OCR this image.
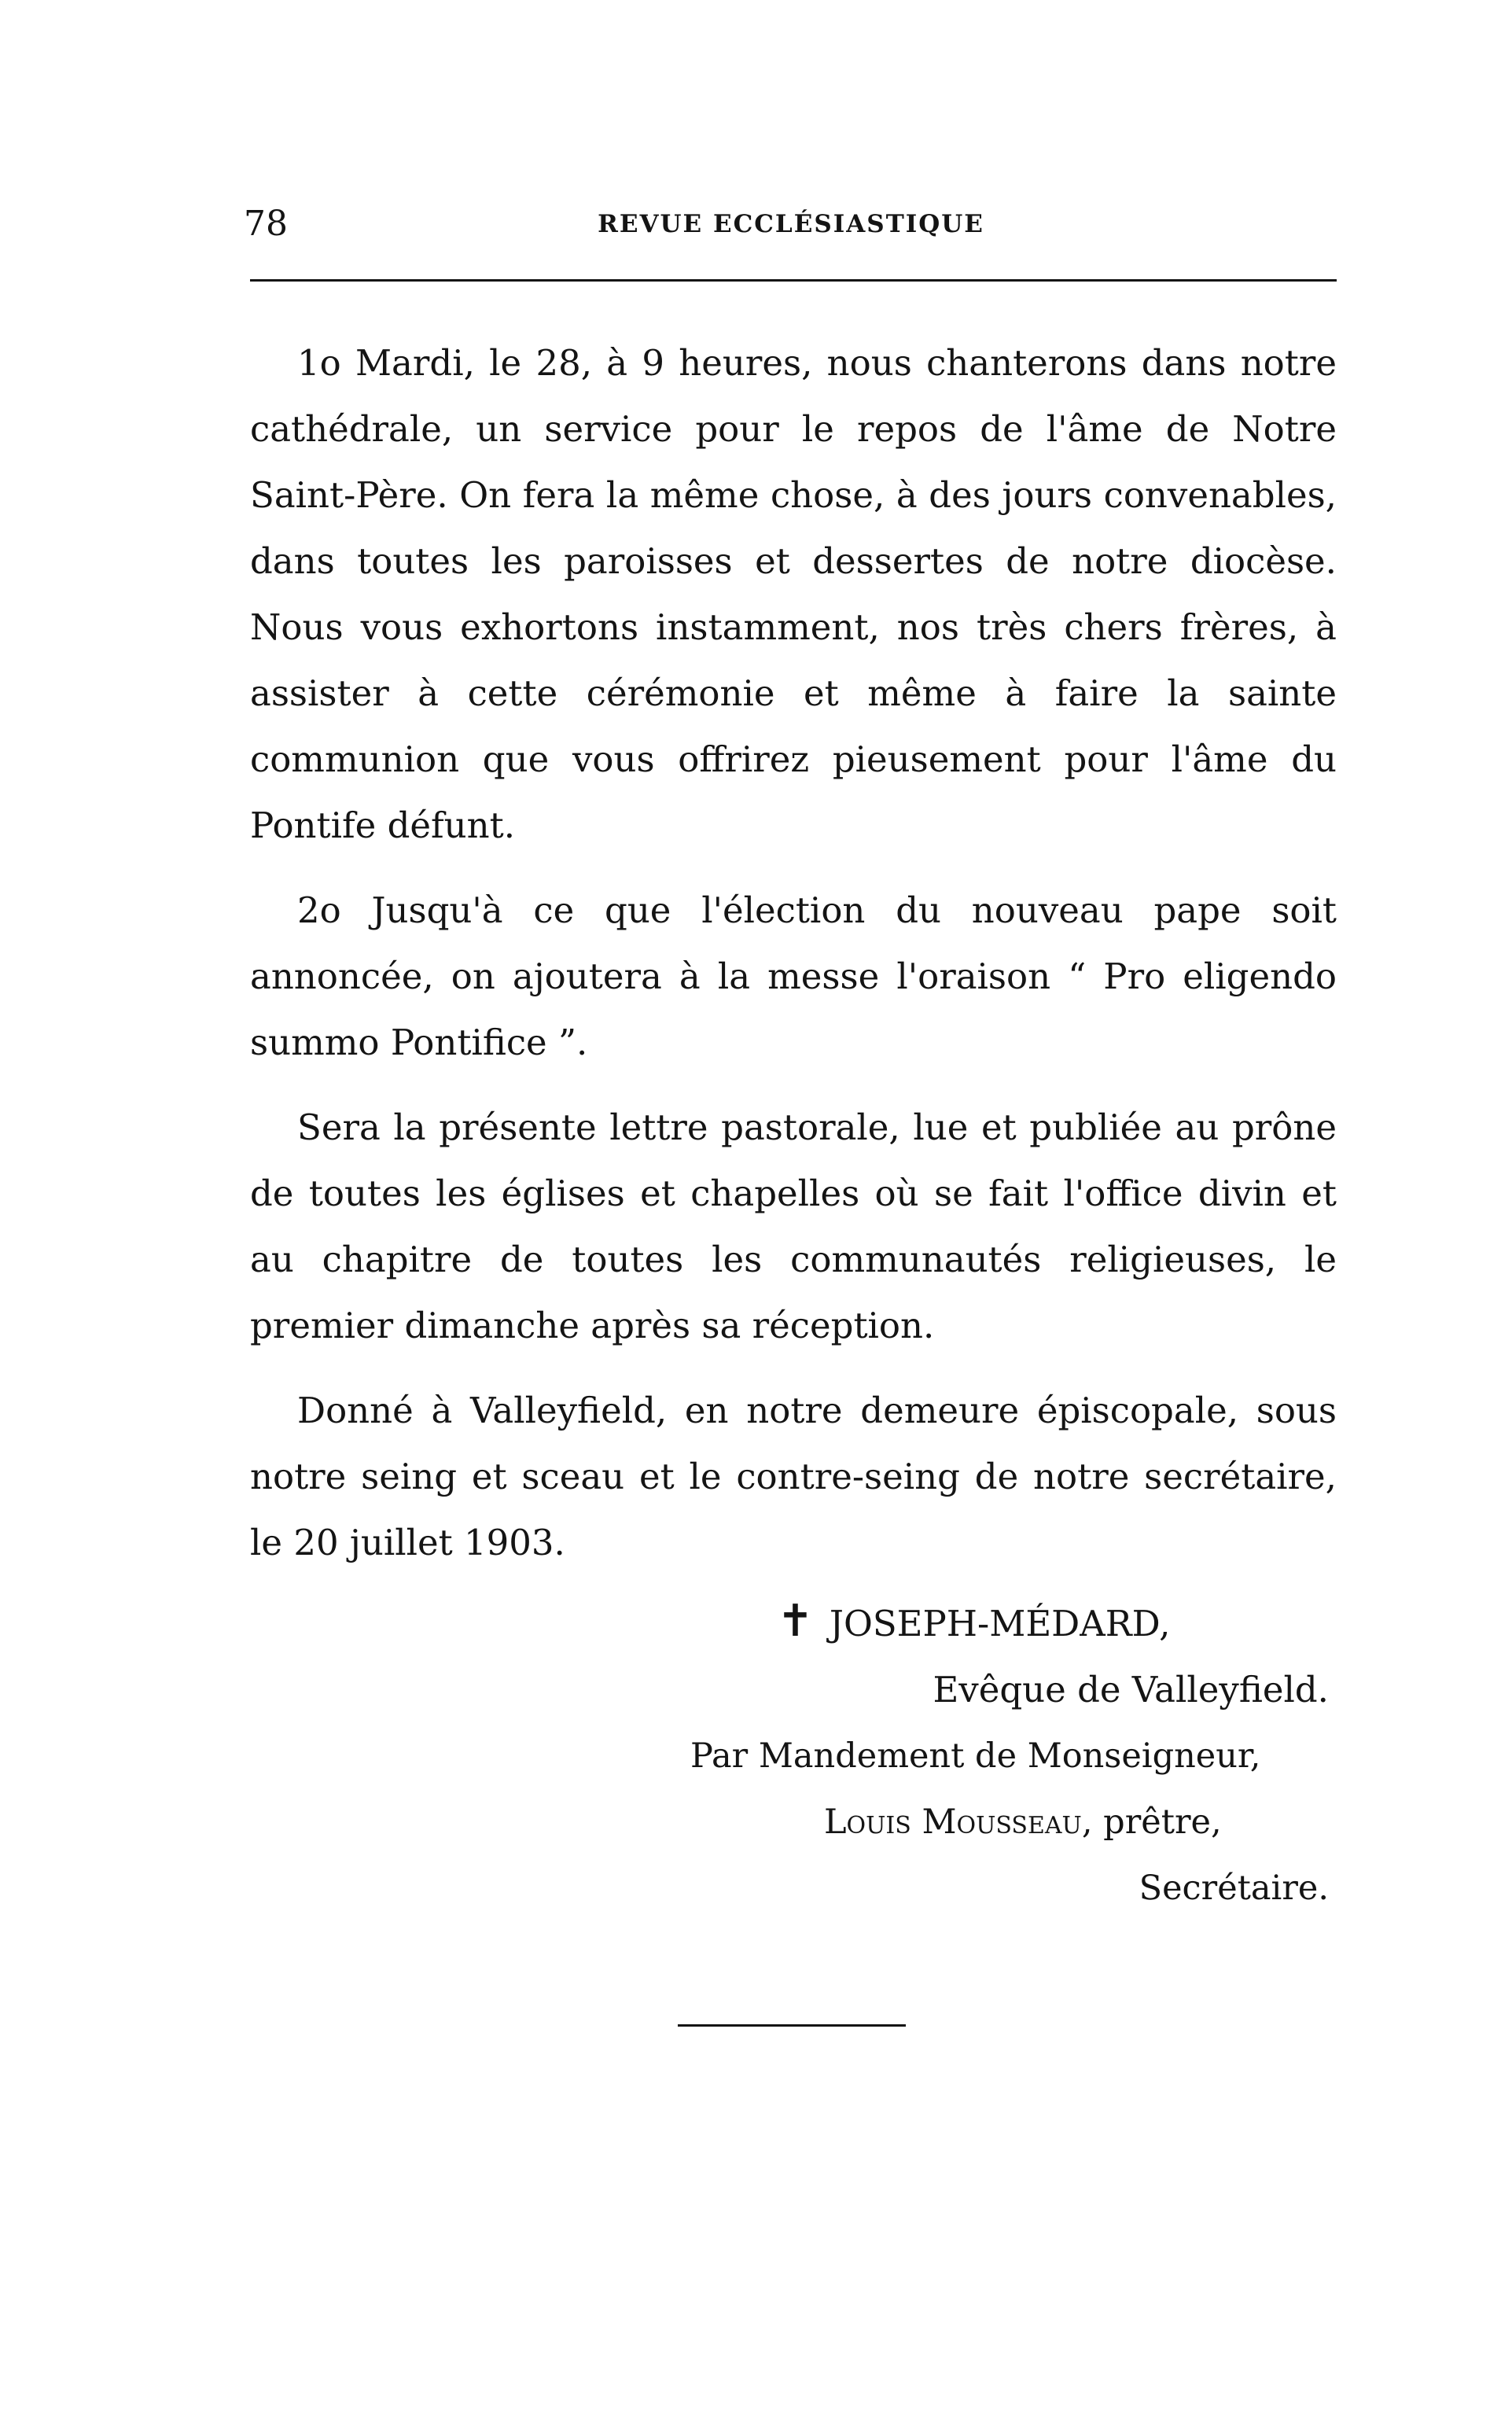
78	REVUE ECCLÉSIASTIQUE

1o Mardi, le 28, à 9 heures, nous chanterons dans notre cathédrale, un service pour le repos de l'âme de Notre Saint-Père. On fera la même chose, à des jours convenables, dans toutes les paroisses et dessertes de notre diocèse. Nous vous exhortons instamment, nos très chers frères, à assister à cette cérémonie et même à faire la sainte communion que vous offrirez pieusement pour l'âme du Pontife défunt.

2o Jusqu'à ce que l'élection du nouveau pape soit annoncée, on ajoutera à la messe l'oraison “ Pro eligendo summo Pontifice ”.

Sera la présente lettre pastorale, lue et publiée au prône de toutes les églises et chapelles où se fait l'office divin et au chapitre de toutes les communautés religieuses, le premier dimanche après sa réception.

Donné à Valleyfield, en notre demeure épiscopale, sous notre seing et sceau et le contre-seing de notre secrétaire, le 20 juillet 1903.

✝ JOSEPH-MÉDARD,
Evêque de Valleyfield.
Par Mandement de Monseigneur,
Louis Mousseau, prêtre,
Secrétaire.
